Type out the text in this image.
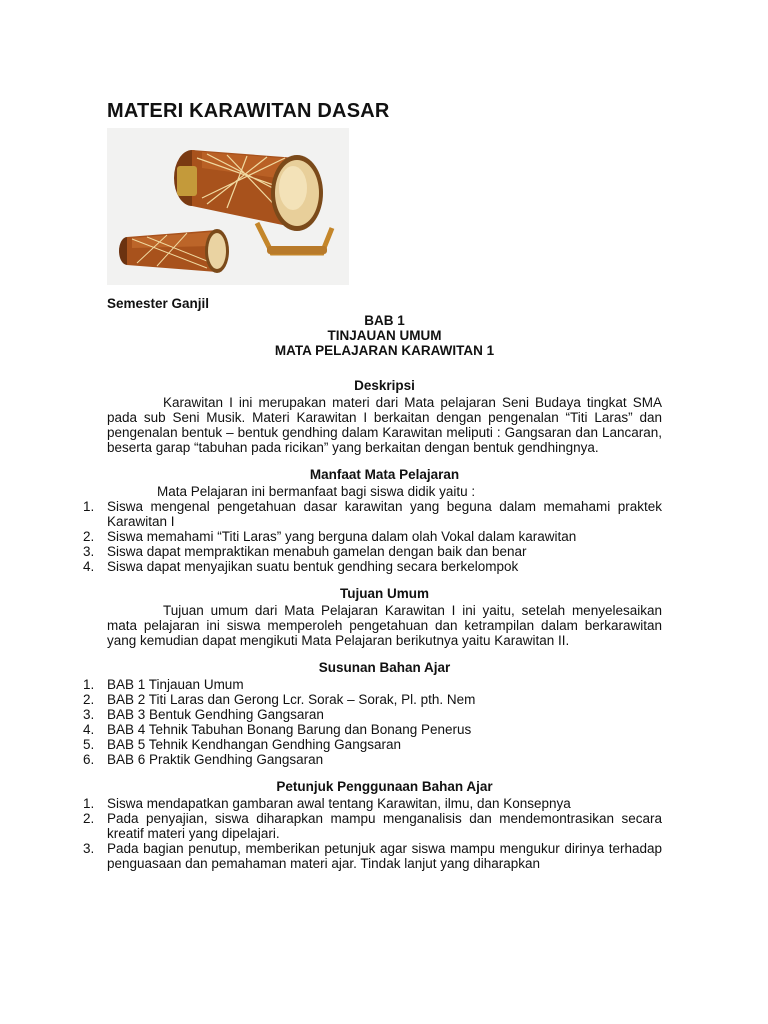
MATERI KARAWITAN DASAR
Semester Ganjil
BAB 1
TINJAUAN UMUM
MATA PELAJARAN KARAWITAN 1
Deskripsi
Karawitan I ini merupakan materi dari Mata pelajaran Seni Budaya tingkat SMA pada sub Seni Musik. Materi Karawitan I berkaitan dengan pengenalan “Titi Laras” dan pengenalan bentuk – bentuk gendhing dalam Karawitan meliputi : Gangsaran dan Lancaran, beserta garap “tabuhan pada ricikan” yang berkaitan dengan bentuk gendhingnya.
Manfaat Mata Pelajaran
Mata Pelajaran ini bermanfaat bagi siswa didik yaitu :
1. Siswa mengenal pengetahuan dasar karawitan yang beguna dalam memahami praktek Karawitan I
2. Siswa memahami “Titi Laras” yang berguna dalam olah Vokal dalam karawitan
3. Siswa dapat mempraktikan menabuh gamelan dengan baik dan benar
4. Siswa dapat menyajikan suatu bentuk gendhing secara berkelompok
Tujuan Umum
Tujuan umum dari Mata Pelajaran Karawitan I ini yaitu, setelah menyelesaikan mata pelajaran ini siswa memperoleh pengetahuan dan ketrampilan dalam berkarawitan yang kemudian dapat mengikuti Mata Pelajaran berikutnya yaitu Karawitan II.
Susunan Bahan Ajar
1. BAB 1 Tinjauan Umum
2. BAB 2 Titi Laras dan Gerong Lcr. Sorak – Sorak, Pl. pth. Nem
3. BAB 3 Bentuk Gendhing Gangsaran
4. BAB 4 Tehnik Tabuhan Bonang Barung dan Bonang Penerus
5. BAB 5 Tehnik Kendhangan Gendhing Gangsaran
6. BAB 6 Praktik Gendhing Gangsaran
Petunjuk Penggunaan Bahan Ajar
1. Siswa mendapatkan gambaran awal tentang Karawitan, ilmu, dan Konsepnya
2. Pada penyajian, siswa diharapkan mampu menganalisis dan mendemontrasikan secara kreatif materi yang dipelajari.
3. Pada bagian penutup, memberikan petunjuk agar siswa mampu mengukur dirinya terhadap penguasaan dan pemahaman materi ajar. Tindak lanjut yang diharapkan
